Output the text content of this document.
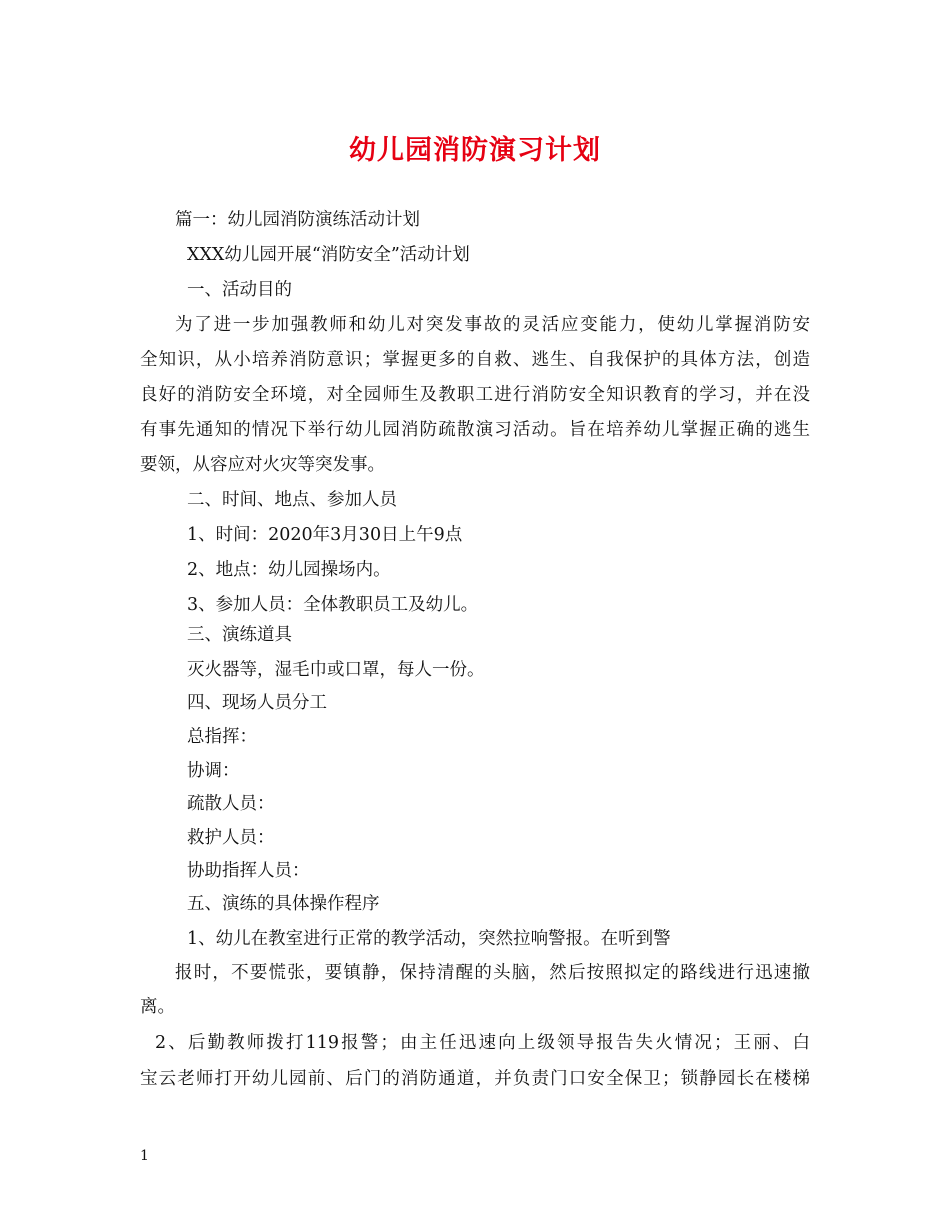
幼儿园消防演习计划
篇一：幼儿园消防演练活动计划
XXX幼儿园开展“消防安全”活动计划
一、活动目的
为了进一步加强教师和幼儿对突发事故的灵活应变能力，使幼儿掌握消防安
全知识，从小培养消防意识；掌握更多的自救、逃生、自我保护的具体方法，创造
良好的消防安全环境，对全园师生及教职工进行消防安全知识教育的学习，并在没
有事先通知的情况下举行幼儿园消防疏散演习活动。旨在培养幼儿掌握正确的逃生
要领，从容应对火灾等突发事。
二、时间、地点、参加人员
1、时间：2020年3月30日上午9点
2、地点：幼儿园操场内。
3、参加人员：全体教职员工及幼儿。
三、演练道具
灭火器等，湿毛巾或口罩，每人一份。
四、现场人员分工
总指挥：
协调：
疏散人员：
救护人员：
协助指挥人员：
五、演练的具体操作程序
1、幼儿在教室进行正常的教学活动，突然拉响警报。在听到警
报时，不要慌张，要镇静，保持清醒的头脑，然后按照拟定的路线进行迅速撤
离。
2、后勤教师拨打119报警；由主任迅速向上级领导报告失火情况；王丽、白
宝云老师打开幼儿园前、后门的消防通道，并负责门口安全保卫；锁静园长在楼梯
1
